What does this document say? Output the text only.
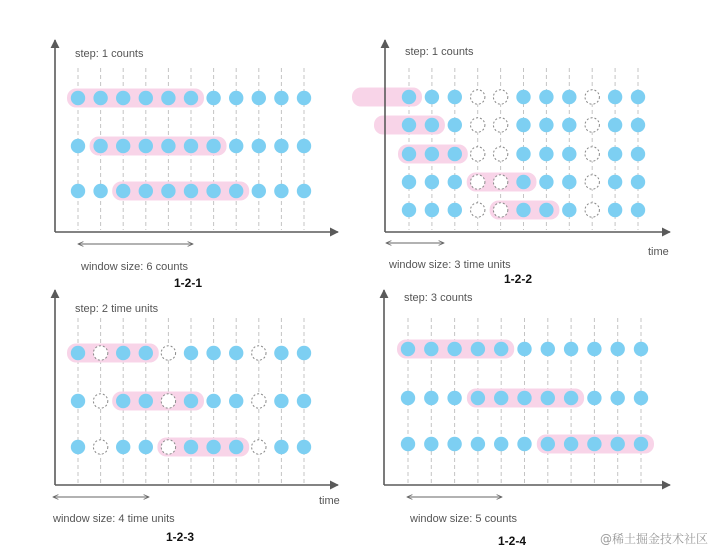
step: 1 counts
window size: 6 counts
1-2-1
step: 1 counts
window size: 3 time units
time
1-2-2
step: 2 time units
window size: 4 time units
time
1-2-3
step: 3 counts
window size: 5 counts
1-2-4	@稀土掘金技术社区
